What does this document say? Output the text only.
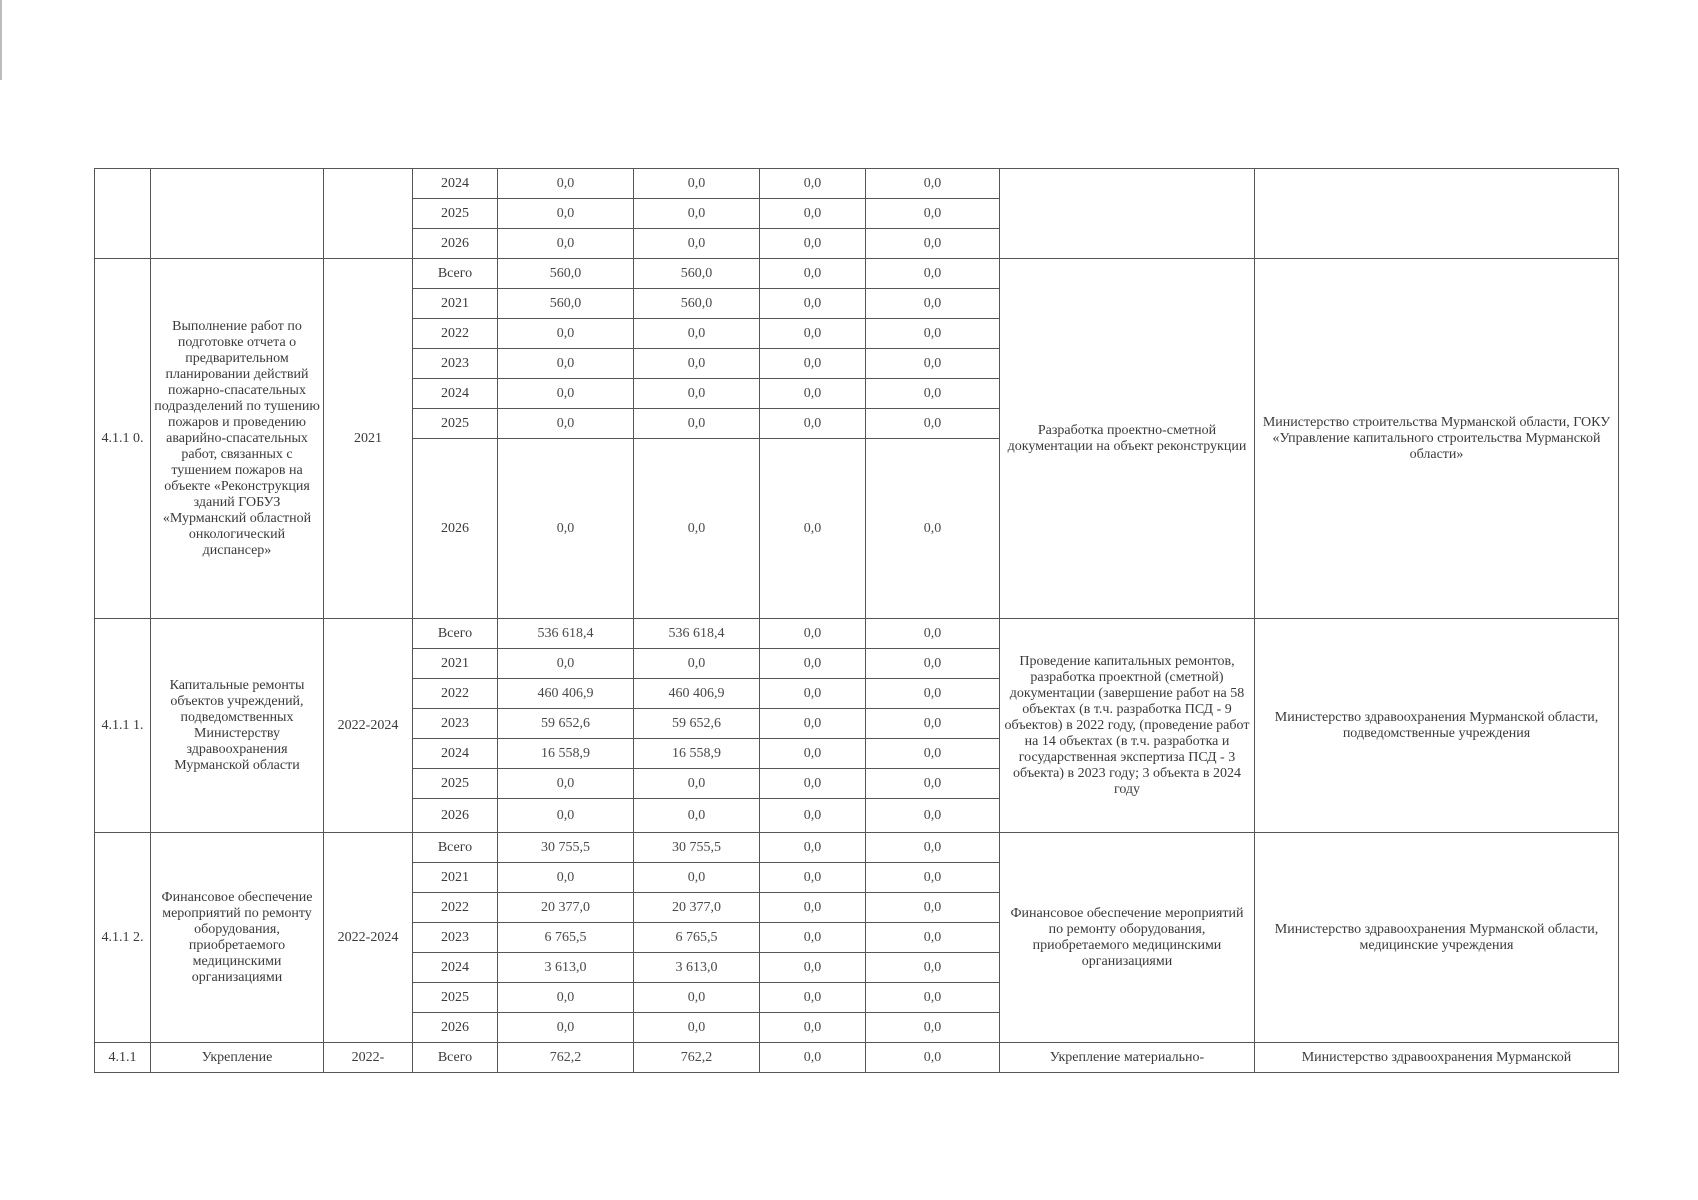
			2024	0,0	0,0	0,0	0,0		
			2025	0,0	0,0	0,0	0,0		
			2026	0,0	0,0	0,0	0,0		
4.1.1 0.	Выполнение работ по подготовке отчета о предварительном планировании действий пожарно-спасательных подразделений по тушению пожаров и проведению аварийно-спасательных работ, связанных с тушением пожаров на объекте «Реконструкция зданий ГОБУЗ «Мурманский областной онкологический диспансер»	2021	Всего	560,0	560,0	0,0	0,0	Разработка проектно-сметной документации на объект реконструкции	Министерство строительства Мурманской области, ГОКУ «Управление капитального строительства Мурманской области»
			2021	560,0	560,0	0,0	0,0		
			2022	0,0	0,0	0,0	0,0		
			2023	0,0	0,0	0,0	0,0		
			2024	0,0	0,0	0,0	0,0		
			2025	0,0	0,0	0,0	0,0		
			2026	0,0	0,0	0,0	0,0		
4.1.1 1.	Капитальные ремонты объектов учреждений, подведомственных Министерству здравоохранения Мурманской области	2022-2024	Всего	536 618,4	536 618,4	0,0	0,0	Проведение капитальных ремонтов, разработка проектной (сметной) документации (завершение работ на 58 объектах (в т.ч. разработка ПСД - 9 объектов) в 2022 году, (проведение работ на 14 объектах (в т.ч. разработка и государственная экспертиза ПСД - 3 объекта) в 2023 году; 3 объекта в 2024 году	Министерство здравоохранения Мурманской области, подведомственные учреждения
			2021	0,0	0,0	0,0	0,0		
			2022	460 406,9	460 406,9	0,0	0,0		
			2023	59 652,6	59 652,6	0,0	0,0		
			2024	16 558,9	16 558,9	0,0	0,0		
			2025	0,0	0,0	0,0	0,0		
			2026	0,0	0,0	0,0	0,0		
4.1.1 2.	Финансовое обеспечение мероприятий по ремонту оборудования, приобретаемого медицинскими организациями	2022-2024	Всего	30 755,5	30 755,5	0,0	0,0	Финансовое обеспечение мероприятий по ремонту оборудования, приобретаемого медицинскими организациями	Министерство здравоохранения Мурманской области, медицинские учреждения
			2021	0,0	0,0	0,0	0,0		
			2022	20 377,0	20 377,0	0,0	0,0		
			2023	6 765,5	6 765,5	0,0	0,0		
			2024	3 613,0	3 613,0	0,0	0,0		
			2025	0,0	0,0	0,0	0,0		
			2026	0,0	0,0	0,0	0,0		
4.1.1	Укрепление	2022-	Всего	762,2	762,2	0,0	0,0	Укрепление материально-	Министерство здравоохранения Мурманской
